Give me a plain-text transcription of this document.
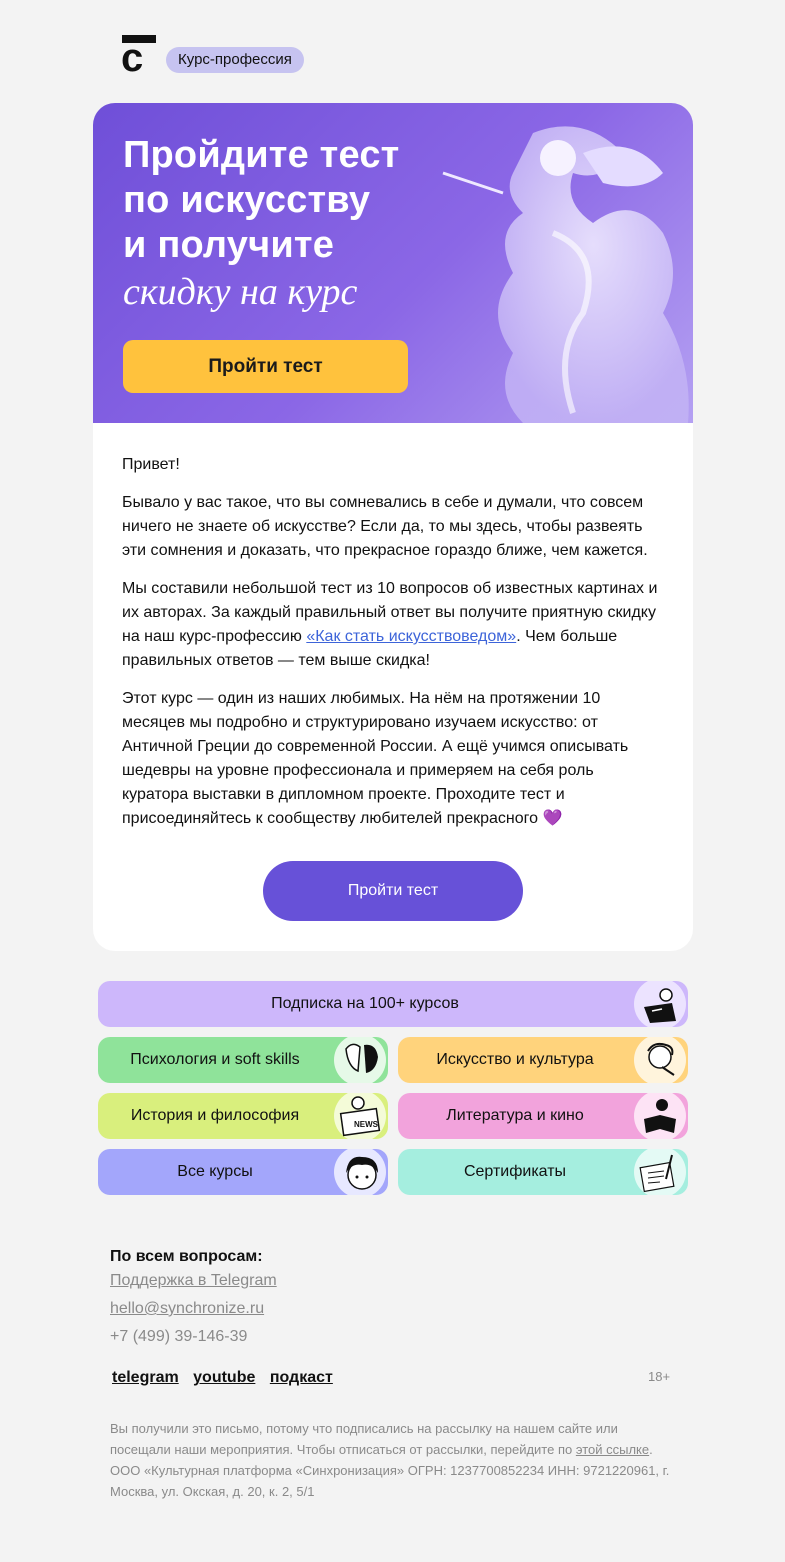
c	Курс-профессия
Пройдите тест
по искусству
и получите
скидку на курс
Пройти тест

Привет!

Бывало у вас такое, что вы сомневались в себе и думали, что совсем ничего не знаете об искусстве? Если да, то мы здесь, чтобы развеять эти сомнения и доказать, что прекрасное гораздо ближе, чем кажется.

Мы составили небольшой тест из 10 вопросов об известных картинах и их авторах. За каждый правильный ответ вы получите приятную скидку на наш курс-профессию «Как стать искусствоведом». Чем больше правильных ответов — тем выше скидка!

Этот курс — один из наших любимых. На нём на протяжении 10 месяцев мы подробно и структурировано изучаем искусство: от Античной Греции до современной России. А ещё учимся описывать шедевры на уровне профессионала и примеряем на себя роль куратора выставки в дипломном проекте. Проходите тест и присоединяйтесь к сообществу любителей прекрасного 💜

Пройти тест
Подписка на 100+ курсов
Психология и soft skills	Искусство и культура
История и философия
NEWS
Литература и кино
Все курсы	Сертификаты
По всем вопросам:
Поддержка в Telegram
hello@synchronize.ru
+7 (499) 39-146-39
telegram youtube подкаст	18+
Вы получили это письмо, потому что подписались на рассылку на нашем сайте или посещали наши мероприятия. Чтобы отписаться от рассылки, перейдите по этой ссылке.
ООО «Культурная платформа «Синхронизация» ОГРН: 1237700852234 ИНН: 9721220961, г. Москва, ул. Окская, д. 20, к. 2, 5/1
